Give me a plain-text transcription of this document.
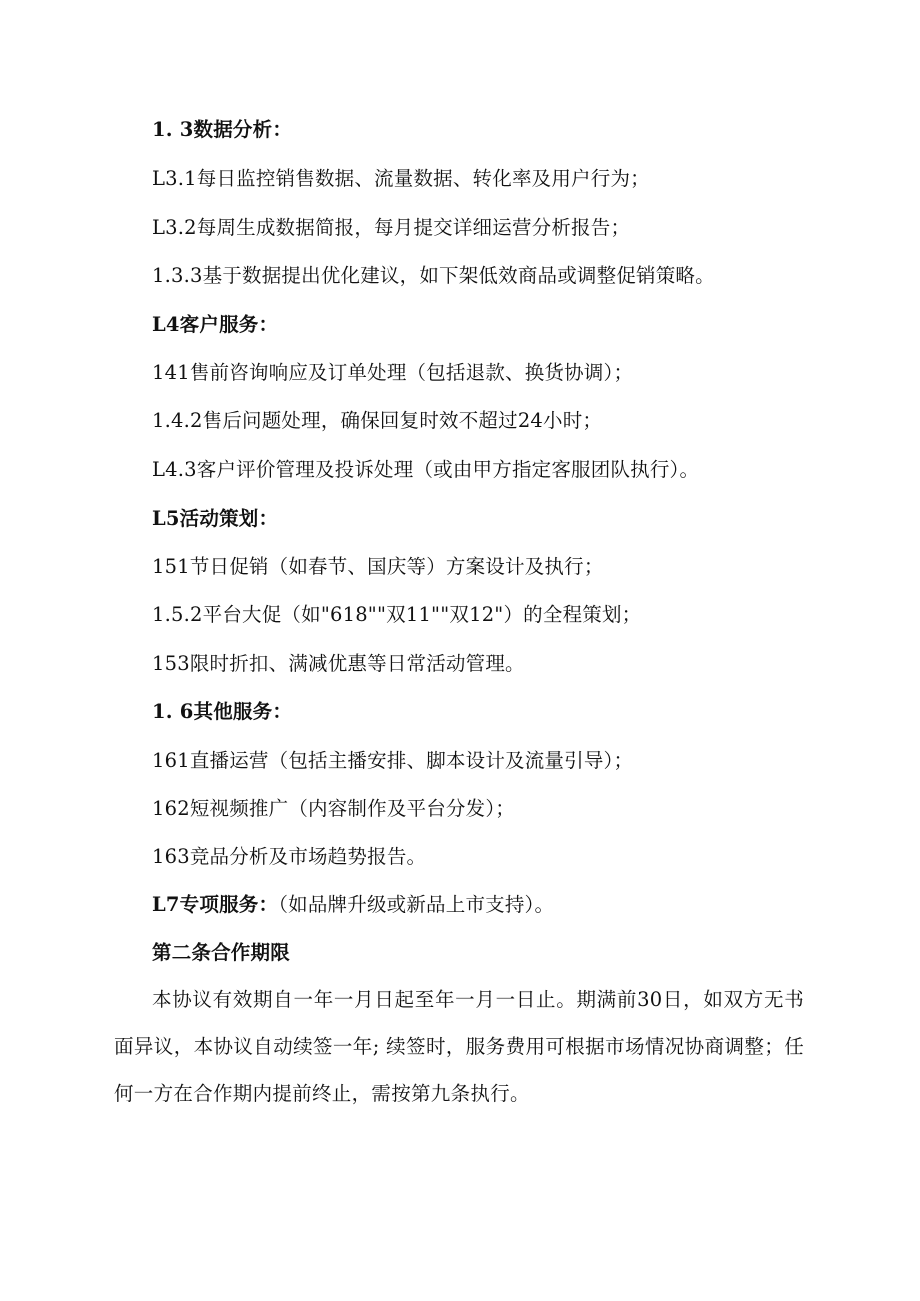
1. 3数据分析：
L3.1每日监控销售数据、流量数据、转化率及用户行为；
L3.2每周生成数据简报，每月提交详细运营分析报告；
1.3.3基于数据提出优化建议，如下架低效商品或调整促销策略。
L4客户服务：
141售前咨询响应及订单处理（包括退款、换货协调）；
1.4.2售后问题处理，确保回复时效不超过24小时；
L4.3客户评价管理及投诉处理（或由甲方指定客服团队执行）。
L5活动策划：
151节日促销（如春节、国庆等）方案设计及执行；
1.5.2平台大促（如"618""双11""双12"）的全程策划；
153限时折扣、满减优惠等日常活动管理。
1. 6其他服务：
161直播运营（包括主播安排、脚本设计及流量引导）；
162短视频推广（内容制作及平台分发）；
163竞品分析及市场趋势报告。
L7专项服务：（如品牌升级或新品上市支持）。
第二条合作期限
本协议有效期自一年一月日起至年一月一日止。期满前30日，如双方无书面异议，本协议自动续签一年; 续签时，服务费用可根据市场情况协商调整；任何一方在合作期内提前终止，需按第九条执行。
